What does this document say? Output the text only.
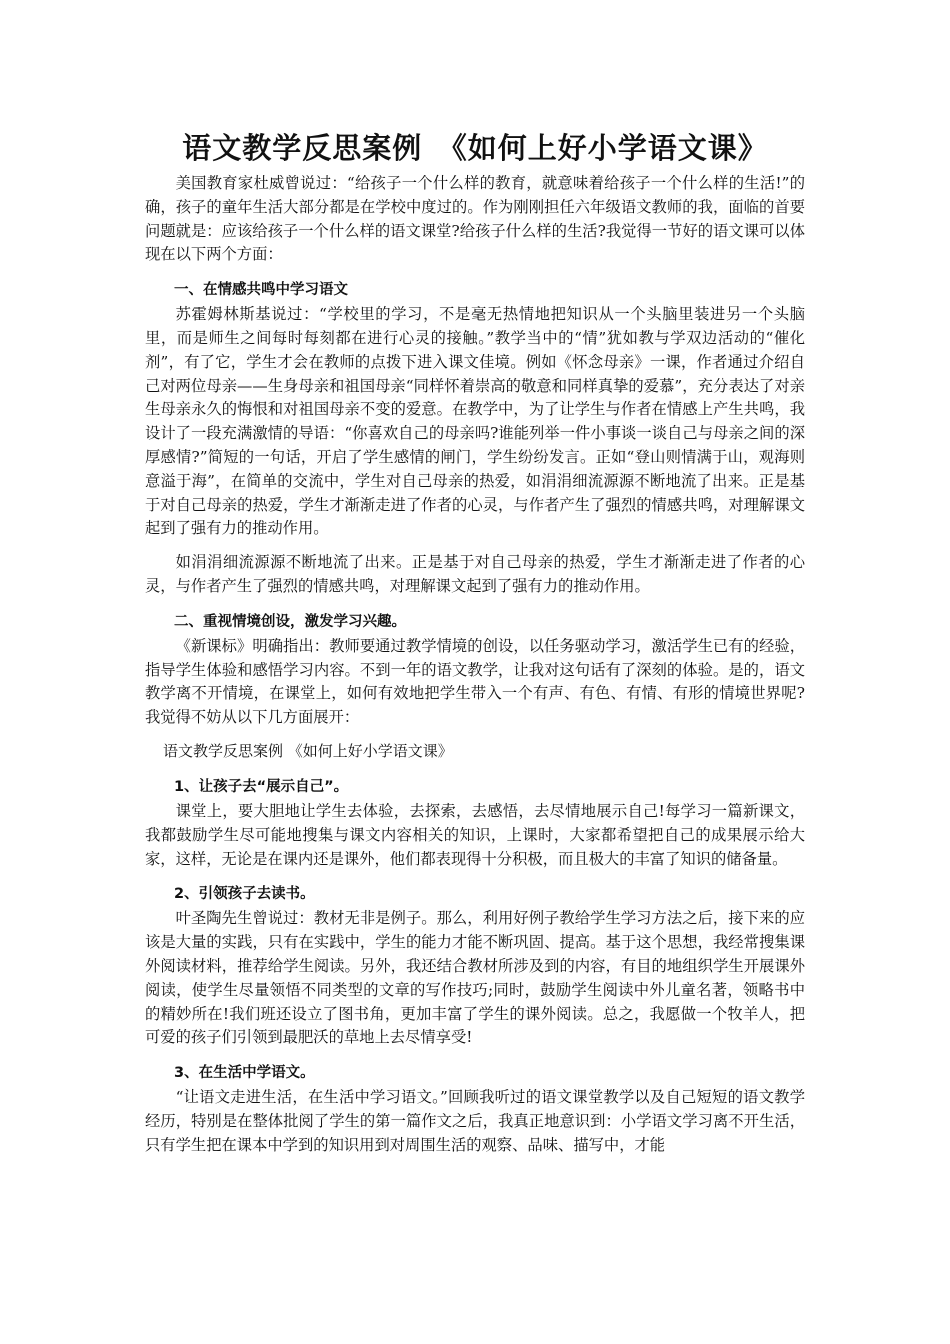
语文教学反思案例　《如何上好小学语文课》

美国教育家杜威曾说过：“给孩子一个什么样的教育，就意味着给孩子一个什么样的生活!”的确，孩子的童年生活大部分都是在学校中度过的。作为刚刚担任六年级语文教师的我，面临的首要问题就是：应该给孩子一个什么样的语文课堂?给孩子什么样的生活?我觉得一节好的语文课可以体现在以下两个方面：

一、在情感共鸣中学习语文

苏霍姆林斯基说过：“学校里的学习，不是毫无热情地把知识从一个头脑里装进另一个头脑里，而是师生之间每时每刻都在进行心灵的接触。”教学当中的“情”犹如教与学双边活动的“催化剂”，有了它，学生才会在教师的点拨下进入课文佳境。例如《怀念母亲》一课，作者通过介绍自己对两位母亲——生身母亲和祖国母亲“同样怀着崇高的敬意和同样真挚的爱慕”，充分表达了对亲生母亲永久的悔恨和对祖国母亲不变的爱意。在教学中，为了让学生与作者在情感上产生共鸣，我设计了一段充满激情的导语：“你喜欢自己的母亲吗?谁能列举一件小事谈一谈自己与母亲之间的深厚感情?”简短的一句话，开启了学生感情的闸门，学生纷纷发言。正如“登山则情满于山，观海则意溢于海”，在简单的交流中，学生对自己母亲的热爱，如涓涓细流源源不断地流了出来。正是基于对自己母亲的热爱，学生才渐渐走进了作者的心灵，与作者产生了强烈的情感共鸣，对理解课文起到了强有力的推动作用。

如涓涓细流源源不断地流了出来。正是基于对自己母亲的热爱，学生才渐渐走进了作者的心灵，与作者产生了强烈的情感共鸣，对理解课文起到了强有力的推动作用。

二、重视情境创设，激发学习兴趣。

《新课标》明确指出：教师要通过教学情境的创设，以任务驱动学习，激活学生已有的经验，指导学生体验和感悟学习内容。不到一年的语文教学，让我对这句话有了深刻的体验。是的，语文教学离不开情境，在课堂上，如何有效地把学生带入一个有声、有色、有情、有形的情境世界呢?我觉得不妨从以下几方面展开：

语文教学反思案例 《如何上好小学语文课》
1、让孩子去“展示自己”。

课堂上，要大胆地让学生去体验，去探索，去感悟，去尽情地展示自己!每学习一篇新课文，我都鼓励学生尽可能地搜集与课文内容相关的知识，上课时，大家都希望把自己的成果展示给大家，这样，无论是在课内还是课外，他们都表现得十分积极，而且极大的丰富了知识的储备量。

2、引领孩子去读书。

叶圣陶先生曾说过：教材无非是例子。那么，利用好例子教给学生学习方法之后，接下来的应该是大量的实践，只有在实践中，学生的能力才能不断巩固、提高。基于这个思想，我经常搜集课外阅读材料，推荐给学生阅读。另外，我还结合教材所涉及到的内容，有目的地组织学生开展课外阅读，使学生尽量领悟不同类型的文章的写作技巧;同时，鼓励学生阅读中外儿童名著，领略书中的精妙所在!我们班还设立了图书角，更加丰富了学生的课外阅读。总之，我愿做一个牧羊人，把可爱的孩子们引领到最肥沃的草地上去尽情享受!

3、在生活中学语文。

“让语文走进生活，在生活中学习语文。”回顾我听过的语文课堂教学以及自己短短的语文教学经历，特别是在整体批阅了学生的第一篇作文之后，我真正地意识到：小学语文学习离不开生活，只有学生把在课本中学到的知识用到对周围生活的观察、品味、描写中，才能
